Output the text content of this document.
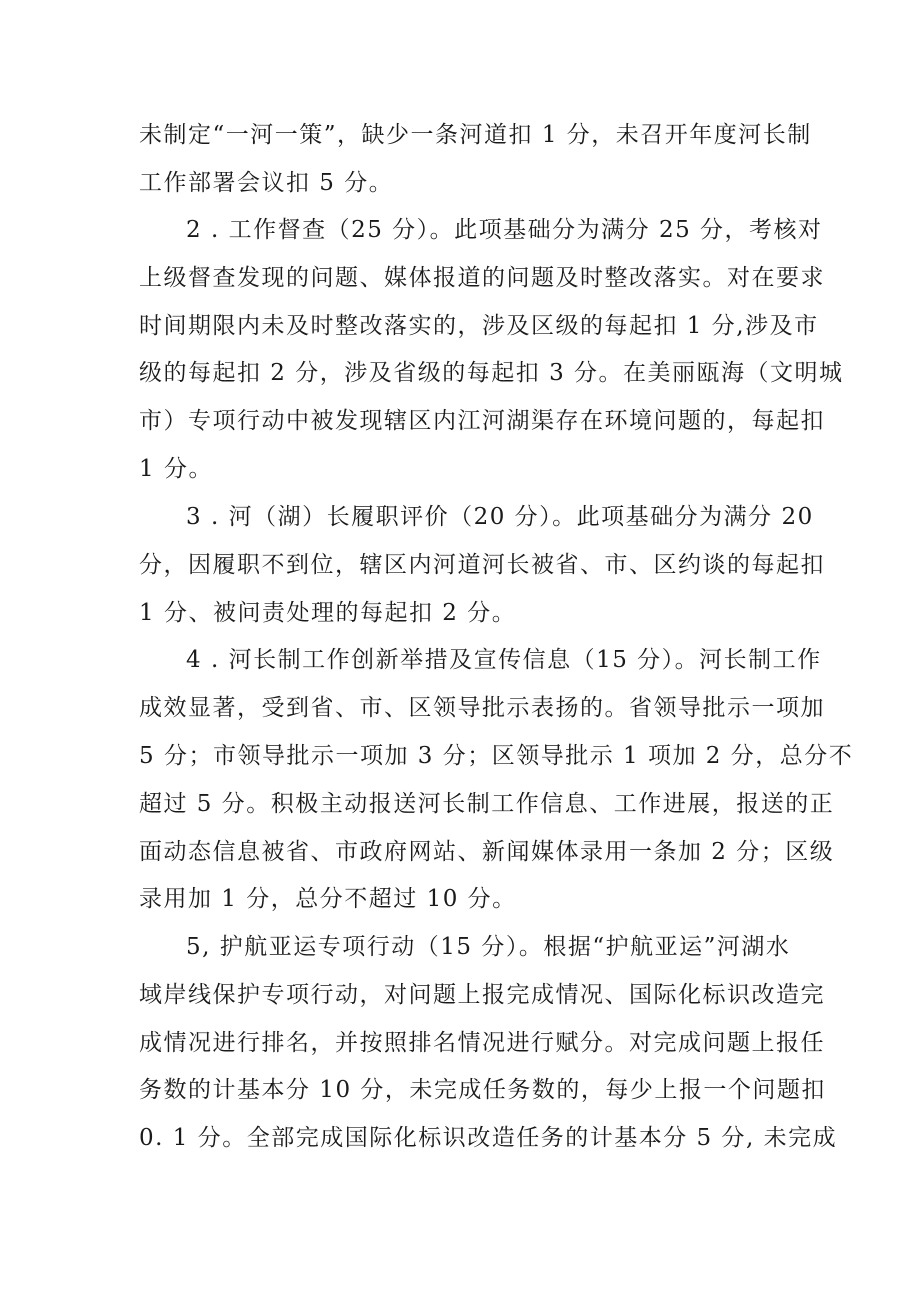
未制定“一河一策”，缺少一条河道扣 1 分，未召开年度河长制
工作部署会议扣 5 分。
2 . 工作督查（25 分）。此项基础分为满分 25 分，考核对
上级督查发现的问题、媒体报道的问题及时整改落实。对在要求
时间期限内未及时整改落实的，涉及区级的每起扣 1 分,涉及市
级的每起扣 2 分，涉及省级的每起扣 3 分。在美丽瓯海（文明城
市）专项行动中被发现辖区内江河湖渠存在环境问题的，每起扣
1 分。
3 . 河（湖）长履职评价（20 分）。此项基础分为满分 20
分，因履职不到位，辖区内河道河长被省、市、区约谈的每起扣
1 分、被问责处理的每起扣 2 分。
4 . 河长制工作创新举措及宣传信息（15 分）。河长制工作
成效显著，受到省、市、区领导批示表扬的。省领导批示一项加
5 分；市领导批示一项加 3 分；区领导批示 1 项加 2 分，总分不
超过 5 分。积极主动报送河长制工作信息、工作进展，报送的正
面动态信息被省、市政府网站、新闻媒体录用一条加 2 分；区级
录用加 1 分，总分不超过 10 分。
5, 护航亚运专项行动（15 分）。根据“护航亚运”河湖水
域岸线保护专项行动，对问题上报完成情况、国际化标识改造完
成情况进行排名，并按照排名情况进行赋分。对完成问题上报任
务数的计基本分 10 分，未完成任务数的，每少上报一个问题扣
0. 1 分。全部完成国际化标识改造任务的计基本分 5 分, 未完成
